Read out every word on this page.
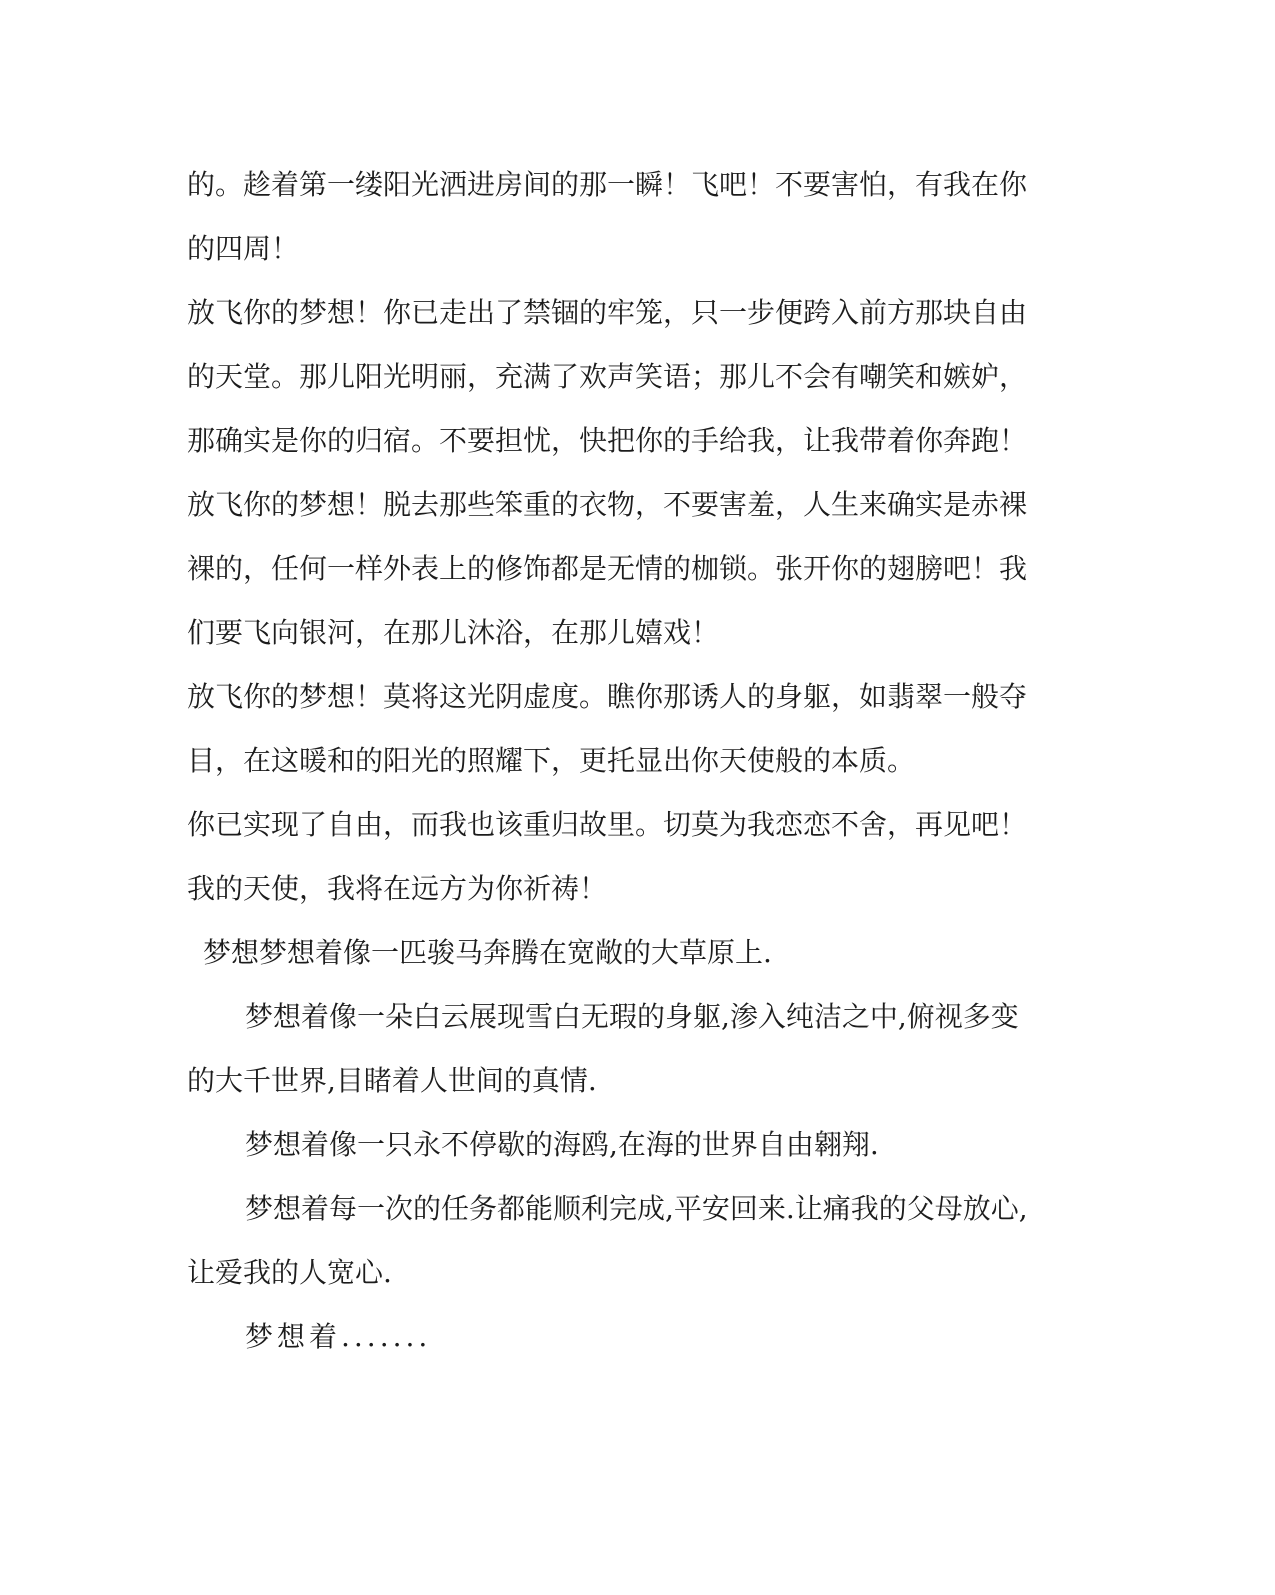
的。趁着第一缕阳光洒进房间的那一瞬！飞吧！不要害怕，有我在你
的四周！
放飞你的梦想！你已走出了禁锢的牢笼，只一步便跨入前方那块自由
的天堂。那儿阳光明丽，充满了欢声笑语；那儿不会有嘲笑和嫉妒，
那确实是你的归宿。不要担忧，快把你的手给我，让我带着你奔跑！
放飞你的梦想！脱去那些笨重的衣物，不要害羞，人生来确实是赤裸
裸的，任何一样外表上的修饰都是无情的枷锁。张开你的翅膀吧！我
们要飞向银河，在那儿沐浴，在那儿嬉戏！
放飞你的梦想！莫将这光阴虚度。瞧你那诱人的身躯，如翡翠一般夺
目，在这暖和的阳光的照耀下，更托显出你天使般的本质。
你已实现了自由，而我也该重归故里。切莫为我恋恋不舍，再见吧！
我的天使，我将在远方为你祈祷！
梦想梦想着像一匹骏马奔腾在宽敞的大草原上.
梦想着像一朵白云展现雪白无瑕的身躯,渗入纯洁之中,俯视多变
的大千世界,目睹着人世间的真情.
梦想着像一只永不停歇的海鸥,在海的世界自由翱翔.
梦想着每一次的任务都能顺利完成,平安回来.让痛我的父母放心,
让爱我的人宽心.
梦想着.......
